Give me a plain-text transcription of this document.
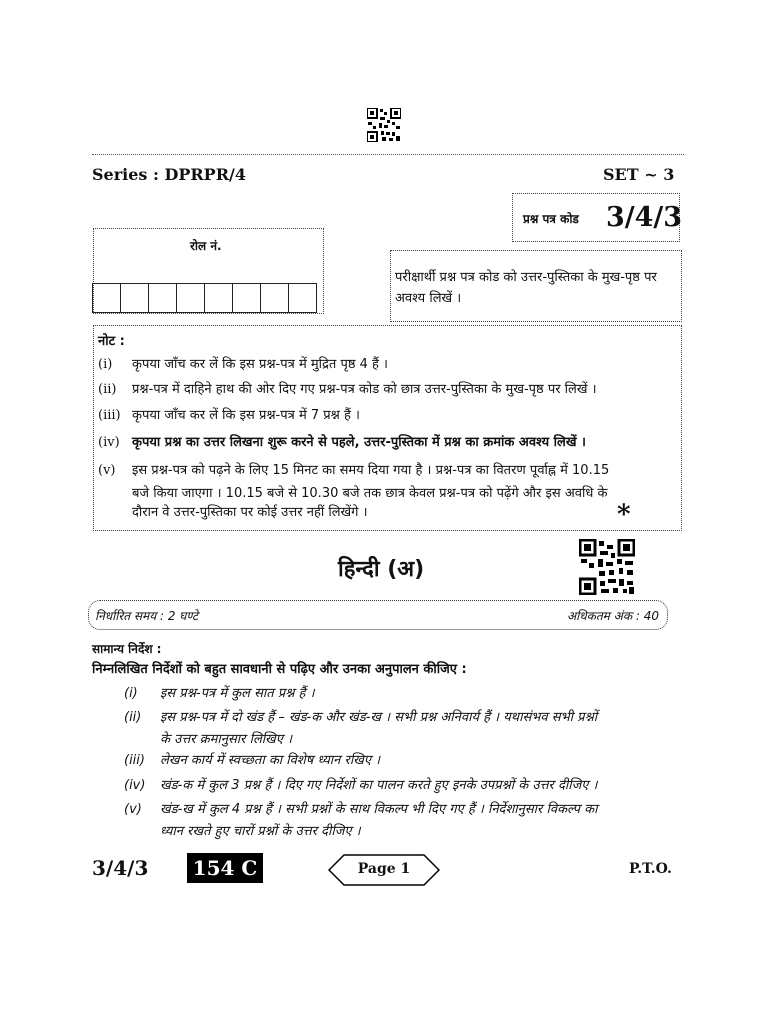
Series : DPRPR/4	SET ~ 3
प्रश्न पत्र कोड 3/4/3
रोल नं.
परीक्षार्थी प्रश्न पत्र कोड को उत्तर-पुस्तिका के मुख-पृष्ठ पर अवश्य लिखें ।
नोट :
(i) कृपया जाँच कर लें कि इस प्रश्न-पत्र में मुद्रित पृष्ठ 4 हैं ।
(ii) प्रश्न-पत्र में दाहिने हाथ की ओर दिए गए प्रश्न-पत्र कोड को छात्र उत्तर-पुस्तिका के मुख-पृष्ठ पर लिखें ।
(iii) कृपया जाँच कर लें कि इस प्रश्न-पत्र में 7 प्रश्न हैं ।
(iv) कृपया प्रश्न का उत्तर लिखना शुरू करने से पहले, उत्तर-पुस्तिका में प्रश्न का क्रमांक अवश्य लिखें ।
(v) इस प्रश्न-पत्र को पढ़ने के लिए 15 मिनट का समय दिया गया है । प्रश्न-पत्र का वितरण पूर्वाह्न में 10.15
बजे किया जाएगा । 10.15 बजे से 10.30 बजे तक छात्र केवल प्रश्न-पत्र को पढ़ेंगे और इस अवधि के
दौरान वे उत्तर-पुस्तिका पर कोई उत्तर नहीं लिखेंगे ।	*
हिन्दी (अ)
निर्धारित समय : 2 घण्टे	अधिकतम अंक : 40
सामान्य निर्देश :
निम्नलिखित निर्देशों को बहुत सावधानी से पढ़िए और उनका अनुपालन कीजिए :
(i) इस प्रश्न-पत्र में कुल सात प्रश्न हैं ।
(ii) इस प्रश्न-पत्र में दो खंड हैं – खंड-क और खंड-ख । सभी प्रश्न अनिवार्य हैं । यथासंभव सभी प्रश्नों
के उत्तर क्रमानुसार लिखिए ।
(iii) लेखन कार्य में स्वच्छता का विशेष ध्यान रखिए ।
(iv) खंड-क में कुल 3 प्रश्न हैं । दिए गए निर्देशों का पालन करते हुए इनके उपप्रश्नों के उत्तर दीजिए ।
(v) खंड-ख में कुल 4 प्रश्न हैं । सभी प्रश्नों के साथ विकल्प भी दिए गए हैं । निर्देशानुसार विकल्प का
ध्यान रखते हुए चारों प्रश्नों के उत्तर दीजिए ।
3/4/3 154 C	Page 1	P.T.O.
